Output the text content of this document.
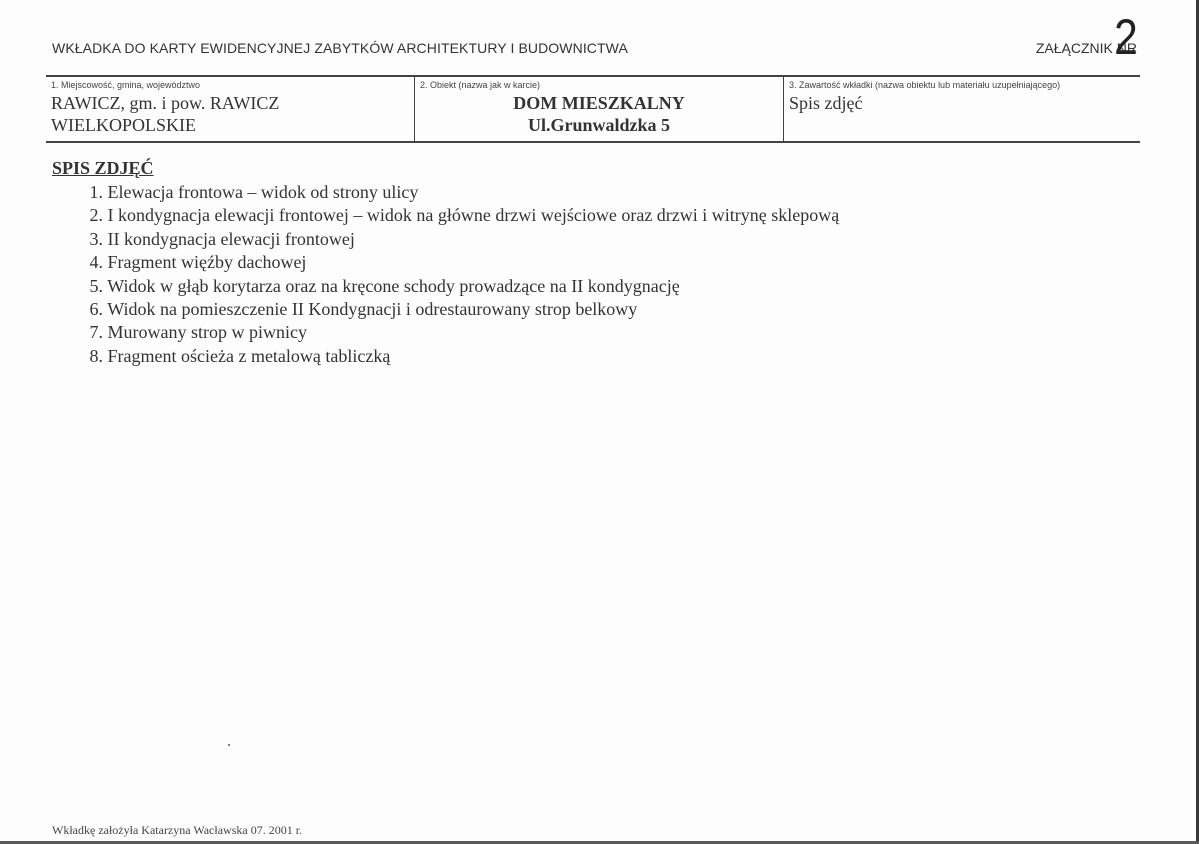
WKŁADKA DO KARTY EWIDENCYJNEJ ZABYTKÓW ARCHITEKTURY I BUDOWNICTWA	ZAŁĄCZNIK NR
2
1. Miejscowość, gmina, województwo
RAWICZ, gm. i pow. RAWICZ
WIELKOPOLSKIE
2. Obiekt (nazwa jak w karcie)
DOM MIESZKALNY
Ul.Grunwaldzka 5
3. Zawartość wkładki (nazwa obiektu lub materiału uzupełniającego)
Spis zdjęć
SPIS ZDJĘĆ
1. Elewacja frontowa – widok od strony ulicy
2. I kondygnacja elewacji frontowej – widok na główne drzwi wejściowe oraz drzwi i witrynę sklepową
3. II kondygnacja elewacji frontowej
4. Fragment więźby dachowej
5. Widok w głąb korytarza oraz na kręcone schody prowadzące na II kondygnację
6. Widok na pomieszczenie II Kondygnacji i odrestaurowany strop belkowy
7. Murowany strop w piwnicy
8. Fragment ościeża z metalową tabliczką
Wkładkę założyła Katarzyna Wacławska 07. 2001 r.
